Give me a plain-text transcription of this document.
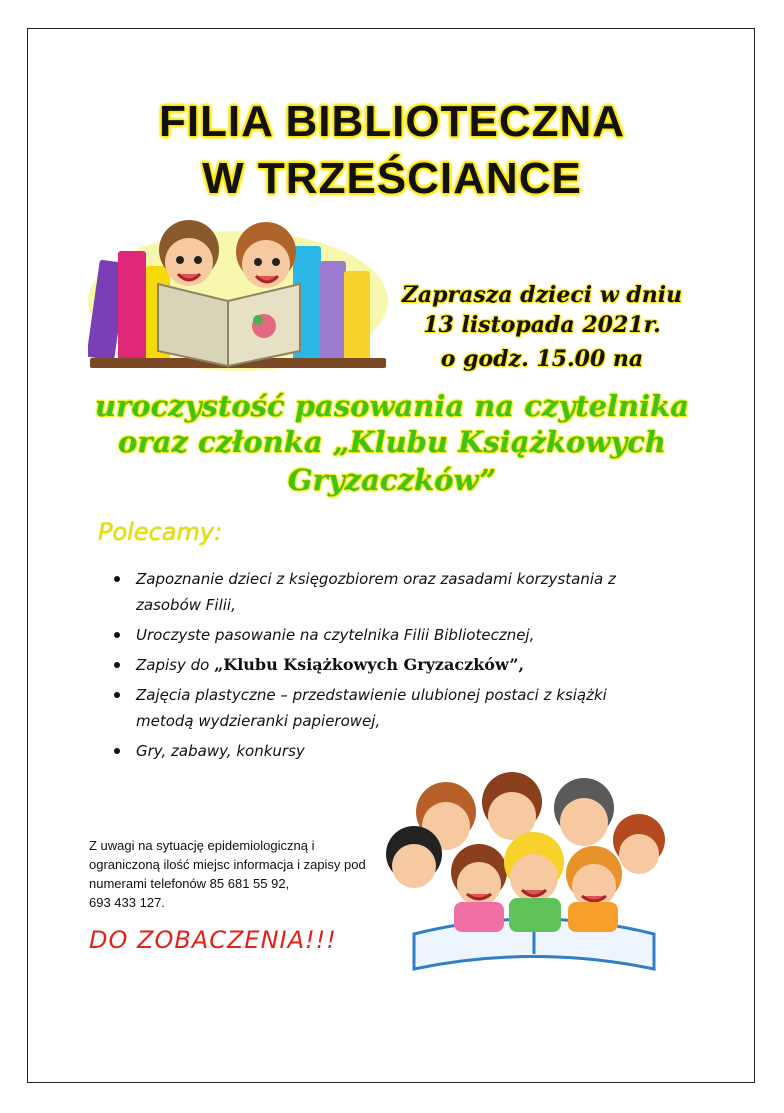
FILIA BIBLIOTECZNA
W TRZEŚCIANCE
Zaprasza dzieci w dniu
13 listopada 2021r.
o godz. 15.00 na
uroczystość pasowania na czytelnika
oraz członka „Klubu Książkowych
Gryzaczków”
Polecamy:
Zapoznanie dzieci z księgozbiorem oraz zasadami korzystania z
zasobów Filii,
Uroczyste pasowanie na czytelnika Filii Bibliotecznej,
Zapisy do „Klubu Książkowych Gryzaczków”,
Zajęcia plastyczne – przedstawienie ulubionej postaci z książki
metodą wydzieranki papierowej,
Gry, zabawy, konkursy
Z uwagi na sytuację epidemiologiczną i
ograniczoną ilość miejsc informacja i zapisy pod
numerami telefonów 85 681 55 92,
693 433 127.
DO ZOBACZENIA!!!
